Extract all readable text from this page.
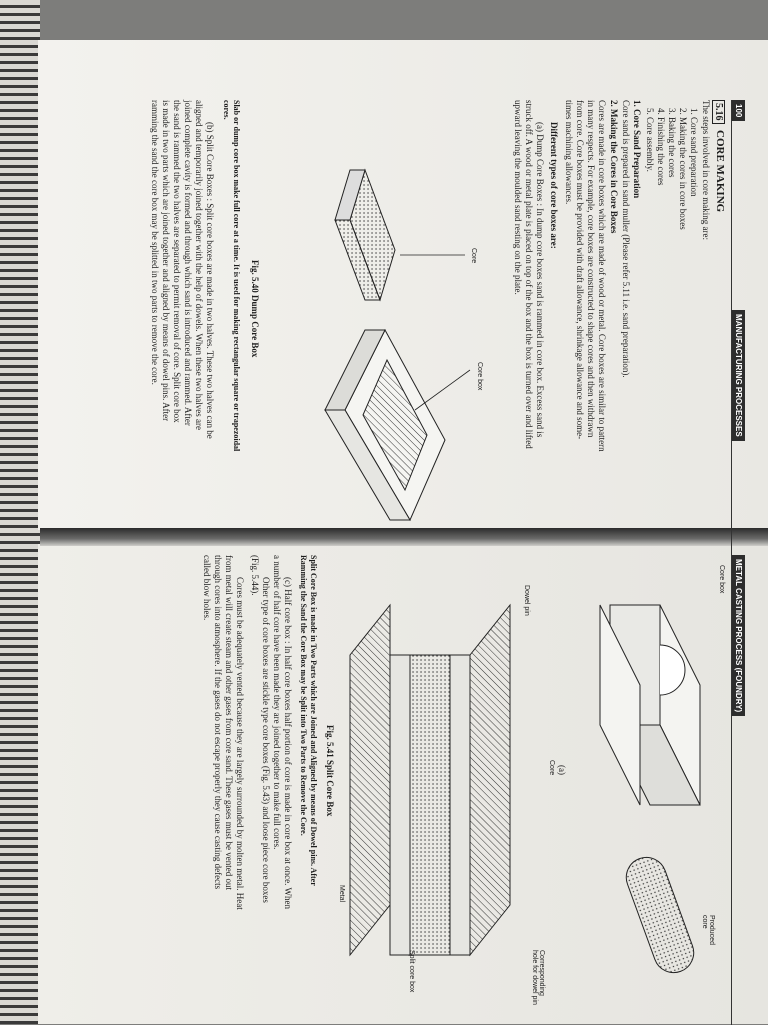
100
MANUFACTURING PROCESSES
5.16
CORE MAKING
The steps involved in core making are:
1. Core sand preparation
2. Making the cores in core boxes
3. Baking the cores
4. Finishing the cores
5. Core assembly.
1. Core Sand Preparation
Core sand is prepared in sand muller (Please refer 5.11 i.e. sand preparation).
2. Making the Cores in Core Boxes
Cores are made in core boxes which are made of wood or metal. Core boxes are similar to pattern
in many respects. For example, core boxes are constructed to shape cores and then withdrawn
from core. Core boxes must be provided with draft allowance, shrinkage allowance and some-
times machining allowances.
Different types of core boxes are:
(a) Dump Core Boxes : In dump core boxes sand is rammed in core box. Excess sand is
struck off. A wood or metal plate is placed on top of the box and the box is turned over and lifted
upward leaving the moulded sand resting on the plate.
Core
Core box
Fig. 5.40 Dump Core Box
Slab or dump core box make full core at a time. It is used for making rectangular square or trapezoidal
cores.
(b) Split Core Boxes : Split core boxes are made in two halves. These two halves can be
aligned and temporarily joined together with the help of dowels. When these two halves are
joined complete cavity is formed and through which sand is introduced and rammed. After
the sand is rammed the two halves are separated to permit removal of core. Split core box
is made in two parts which are joined together and aligned by means of dowel pins. After
ramming the sand the core box may be splitted in two parts to remove the core.
METAL CASTING PROCESS (FOUNDRY)
Core box
Produced core
(a)
Core
Dowel pin
Corresponding hole for dowel pin
Split core box
Metal
Fig. 5.41 Split Core Box
Split Core Box is made in Two Parts which are Joined and Aligned by means of Dowel pins. After
Ramming the Sand the Core Box may be Split into Two Parts to Remove the Core.
(c) Half core box : In half core boxes half portion of core is made in core box at once. When
a number of half core have been made they are joined together to make full cores.
Other type of core boxes are stickle type core boxes (Fig. 5.43) and loose piece core boxes
(Fig. 5.44).
Cores must be adequately vented because they are largely surrounded by molten metal. Heat
from metal will create steam and other gases from core sand. These gases must be vented out
through cores into atmosphere. If the gases do not escape properly they cause casting defects
called blow holes.
